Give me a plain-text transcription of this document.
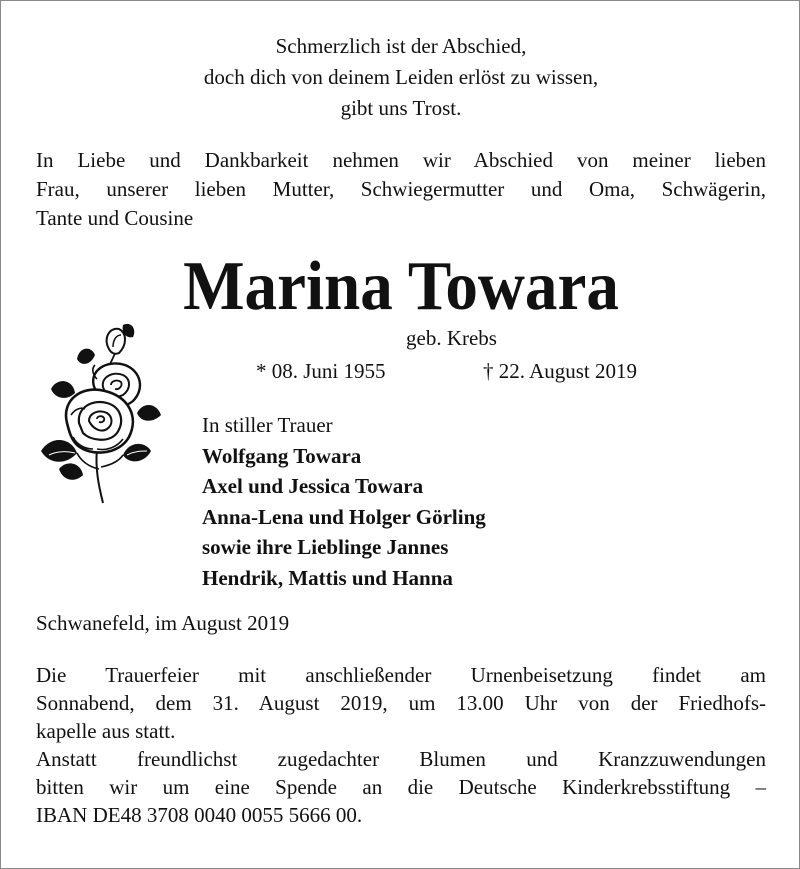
Schmerzlich ist der Abschied,
doch dich von deinem Leiden erlöst zu wissen,
gibt uns Trost.
In Liebe und Dankbarkeit nehmen wir Abschied von meiner lieben
Frau, unserer lieben Mutter, Schwiegermutter und Oma, Schwägerin,
Tante und Cousine
Marina Towara
geb. Krebs
* 08. Juni 1955	† 22. August 2019
In stiller Trauer
Wolfgang Towara
Axel und Jessica Towara
Anna-Lena und Holger Görling
sowie ihre Lieblinge Jannes
Hendrik, Mattis und Hanna
Schwanefeld, im August 2019
Die Trauerfeier mit anschließender Urnenbeisetzung findet am
Sonnabend, dem 31. August 2019, um 13.00 Uhr von der Friedhofs-
kapelle aus statt.
Anstatt freundlichst zugedachter Blumen und Kranzzuwendungen
bitten wir um eine Spende an die Deutsche Kinderkrebsstiftung –
IBAN DE48 3708 0040 0055 5666 00.
